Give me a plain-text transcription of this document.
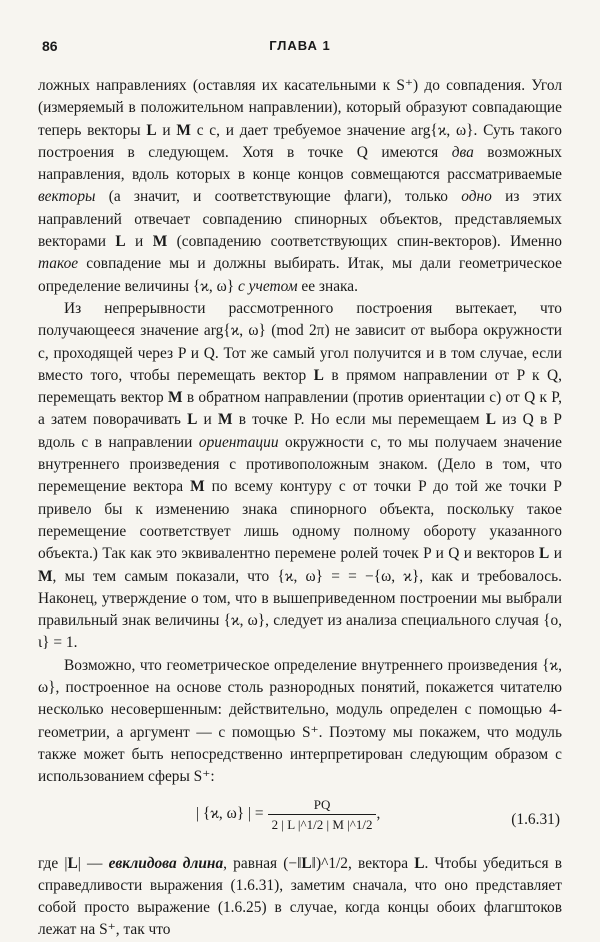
86	ГЛАВА 1

ложных направлениях (оставляя их касательными к S⁺) до совпадения. Угол (измеряемый в положительном направлении), который образуют совпадающие теперь векторы L и M с c, и дает требуемое значение arg{ϰ, ω}. Суть такого построения в следующем. Хотя в точке Q имеются два возможных направления, вдоль которых в конце концов совмещаются рассматриваемые векторы (а значит, и соответствующие флаги), только одно из этих направлений отвечает совпадению спинорных объектов, представляемых векторами L и M (совпадению соответствующих спин-векторов). Именно такое совпадение мы и должны выбирать. Итак, мы дали геометрическое определение величины {ϰ, ω} с учетом ее знака.

Из непрерывности рассмотренного построения вытекает, что получающееся значение arg{ϰ, ω} (mod 2π) не зависит от выбора окружности c, проходящей через P и Q. Тот же самый угол получится и в том случае, если вместо того, чтобы перемещать вектор L в прямом направлении от P к Q, перемещать вектор M в обратном направлении (против ориентации c) от Q к P, а затем поворачивать L и M в точке P. Но если мы перемещаем L из Q в P вдоль c в направлении ориентации окружности c, то мы получаем значение внутреннего произведения с противоположным знаком. (Дело в том, что перемещение вектора M по всему контуру c от точки P до той же точки P привело бы к изменению знака спинорного объекта, поскольку такое перемещение соответствует лишь одному полному обороту указанного объекта.) Так как это эквивалентно перемене ролей точек P и Q и векторов L и M, мы тем самым показали, что {ϰ, ω} = = −{ω, ϰ}, как и требовалось. Наконец, утверждение о том, что в вышеприведенном построении мы выбрали правильный знак величины {ϰ, ω}, следует из анализа специального случая {o, ι} = 1.

Возможно, что геометрическое определение внутреннего произведения {ϰ, ω}, построенное на основе столь разнородных понятий, покажется читателю несколько несовершенным: действительно, модуль определен с помощью 4-геометрии, а аргумент — с помощью S⁺. Поэтому мы покажем, что модуль также может быть непосредственно интерпретирован следующим образом с использованием сферы S⁺:

| {ϰ, ω} | = $\frac{PQ}{2 | L |\^{}1/2 | M |\^{}1/2}$ ,	(1.6.31)

где |L| — евклидова длина, равная (−‖L‖)^1/2, вектора L. Чтобы убедиться в справедливости выражения (1.6.31), заметим сначала, что оно представляет собой просто выражение (1.6.25) в случае, когда концы обоих флагштоков лежат на S⁺, так что
